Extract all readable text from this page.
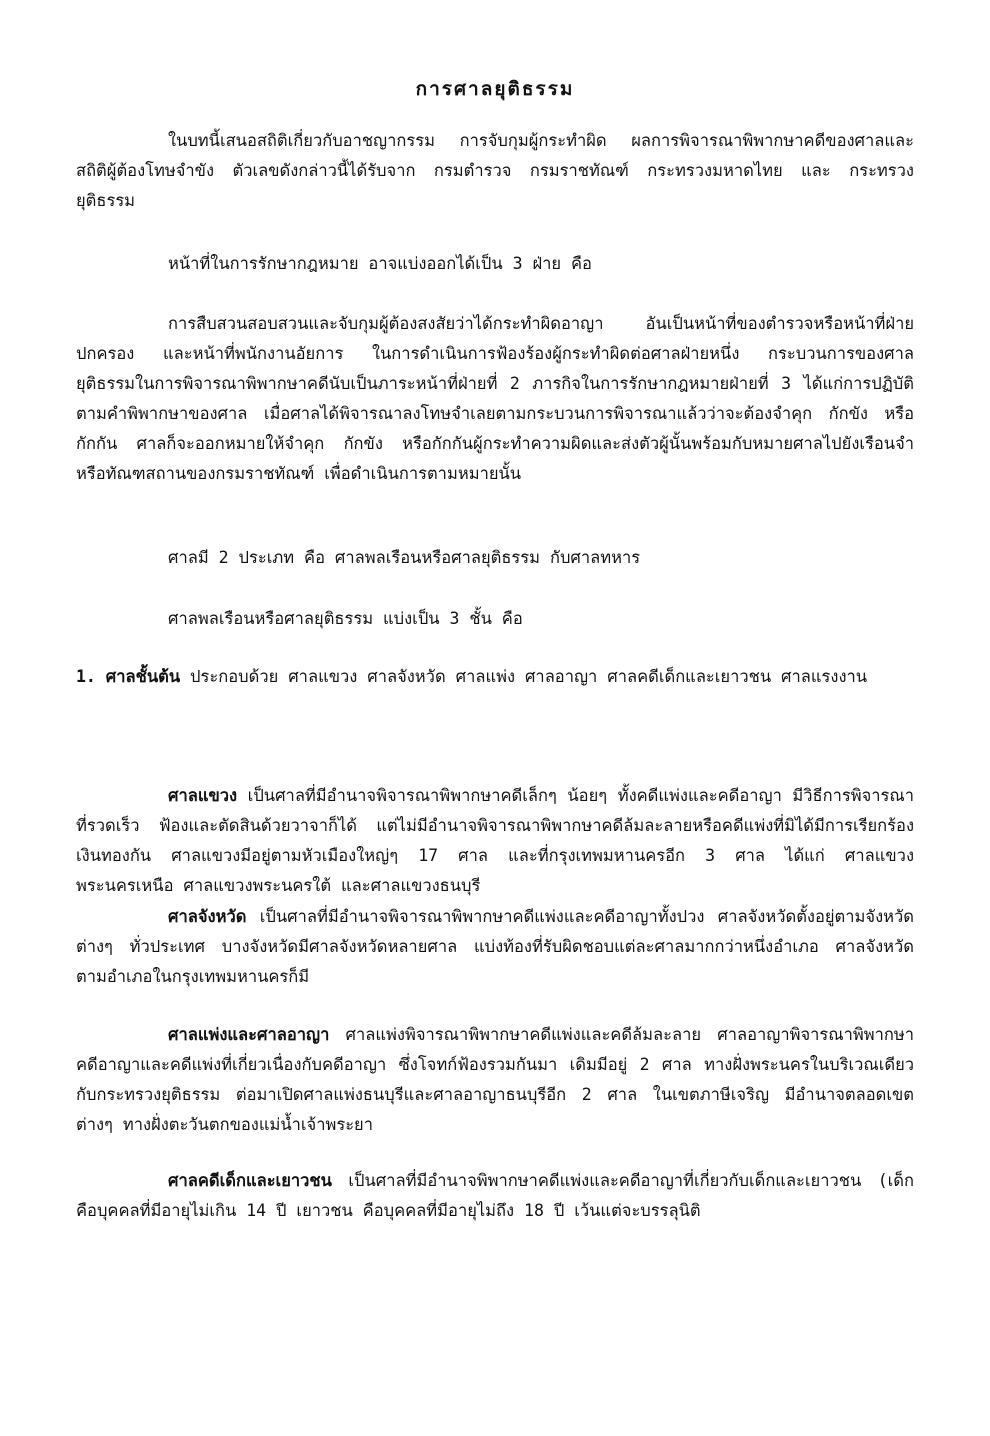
การศาลยุติธรรม
ในบทนี้เสนอสถิติเกี่ยวกับอาชญากรรม การจับกุมผู้กระทำผิด ผลการพิจารณาพิพากษาคดีของศาลและสถิติผู้ต้องโทษจำขัง ตัวเลขดังกล่าวนี้ได้รับจาก กรมตำรวจ กรมราชทัณฑ์ กระทรวงมหาดไทย และ กระทรวงยุติธรรม
หน้าที่ในการรักษากฎหมาย อาจแบ่งออกได้เป็น 3 ฝ่าย คือ
การสืบสวนสอบสวนและจับกุมผู้ต้องสงสัยว่าได้กระทำผิดอาญา อันเป็นหน้าที่ของตำรวจหรือหน้าที่ฝ่ายปกครอง และหน้าที่พนักงานอัยการ ในการดำเนินการฟ้องร้องผู้กระทำผิดต่อศาลฝ่ายหนึ่ง กระบวนการของศาลยุติธรรมในการพิจารณาพิพากษาคดีนับเป็นภาระหน้าที่ฝ่ายที่ 2 ภารกิจในการรักษากฎหมายฝ่ายที่ 3 ได้แก่การปฏิบัติตามคำพิพากษาของศาล เมื่อศาลได้พิจารณาลงโทษจำเลยตามกระบวนการพิจารณาแล้วว่าจะต้องจำคุก กักขัง หรือกักกัน ศาลก็จะออกหมายให้จำคุก กักขัง หรือกักกันผู้กระทำความผิดและส่งตัวผู้นั้นพร้อมกับหมายศาลไปยังเรือนจำหรือทัณฑสถานของกรมราชทัณฑ์ เพื่อดำเนินการตามหมายนั้น
ศาลมี 2 ประเภท คือ ศาลพลเรือนหรือศาลยุติธรรม กับศาลทหาร
ศาลพลเรือนหรือศาลยุติธรรม แบ่งเป็น 3 ชั้น คือ
1. ศาลชั้นต้น ประกอบด้วย ศาลแขวง ศาลจังหวัด ศาลแพ่ง ศาลอาญา ศาลคดีเด็กและเยาวชน ศาลแรงงาน
ศาลแขวง เป็นศาลที่มีอำนาจพิจารณาพิพากษาคดีเล็กๆ น้อยๆ ทั้งคดีแพ่งและคดีอาญา มีวิธีการพิจารณาที่รวดเร็ว ฟ้องและตัดสินด้วยวาจาก็ได้ แต่ไม่มีอำนาจพิจารณาพิพากษาคดีล้มละลายหรือคดีแพ่งที่มิได้มีการเรียกร้องเงินทองกัน ศาลแขวงมีอยู่ตามหัวเมืองใหญ่ๆ 17 ศาล และที่กรุงเทพมหานครอีก 3 ศาล ได้แก่ ศาลแขวงพระนครเหนือ ศาลแขวงพระนครใต้ และศาลแขวงธนบุรี
ศาลจังหวัด เป็นศาลที่มีอำนาจพิจารณาพิพากษาคดีแพ่งและคดีอาญาทั้งปวง ศาลจังหวัดตั้งอยู่ตามจังหวัดต่างๆ ทั่วประเทศ บางจังหวัดมีศาลจังหวัดหลายศาล แบ่งท้องที่รับผิดชอบแต่ละศาลมากกว่าหนึ่งอำเภอ ศาลจังหวัดตามอำเภอในกรุงเทพมหานครก็มี
ศาลแพ่งและศาลอาญา ศาลแพ่งพิจารณาพิพากษาคดีแพ่งและคดีล้มละลาย ศาลอาญาพิจารณาพิพากษาคดีอาญาและคดีแพ่งที่เกี่ยวเนื่องกับคดีอาญา ซึ่งโจทก์ฟ้องรวมกันมา เดิมมีอยู่ 2 ศาล ทางฝั่งพระนครในบริเวณเดียวกับกระทรวงยุติธรรม ต่อมาเปิดศาลแพ่งธนบุรีและศาลอาญาธนบุรีอีก 2 ศาล ในเขตภาษีเจริญ มีอำนาจตลอดเขตต่างๆ ทางฝั่งตะวันตกของแม่น้ำเจ้าพระยา
ศาลคดีเด็กและเยาวชน เป็นศาลที่มีอำนาจพิพากษาคดีแพ่งและคดีอาญาที่เกี่ยวกับเด็กและเยาวชน (เด็กคือบุคคลที่มีอายุไม่เกิน 14 ปี เยาวชน คือบุคคลที่มีอายุไม่ถึง 18 ปี เว้นแต่จะบรรลุนิติ
